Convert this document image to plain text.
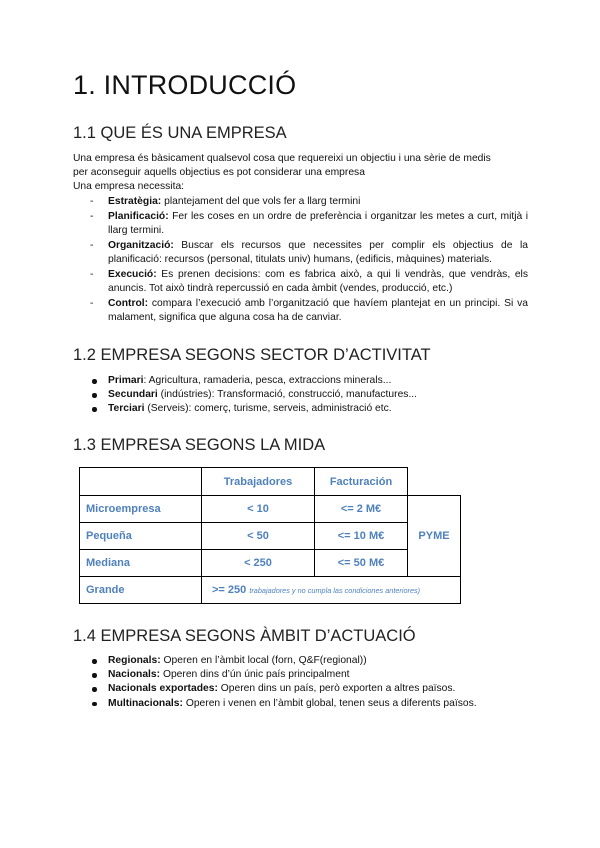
1. INTRODUCCIÓ
1.1 QUE ÉS UNA EMPRESA
Una empresa és bàsicament qualsevol cosa que requereixi un objectiu i una sèrie de medis
per aconseguir aquells objectius es pot considerar una empresa
Una empresa necessita:
- Estratègia: plantejament del que vols fer a llarg termini
- Planificació: Fer les coses en un ordre de preferència i organitzar les metes a curt, mitjà i llarg termini.
- Organització: Buscar els recursos que necessites per complir els objectius de la planificació: recursos (personal, titulats univ) humans, (edificis, màquines) materials.
- Execució: Es prenen decisions: com es fabrica això, a qui li vendràs, que vendràs, els anuncis. Tot això tindrà repercussió en cada àmbit (vendes, producció, etc.)
- Control: compara l’execució amb l’organització que havíem plantejat en un principi. Si va malament, significa que alguna cosa ha de canviar.
1.2 EMPRESA SEGONS SECTOR D’ACTIVITAT
Primari: Agricultura, ramaderia, pesca, extraccions minerals...
Secundari (indústries): Transformació, construcció, manufactures...
Terciari (Serveis): comerç, turisme, serveis, administració etc.
1.3 EMPRESA SEGONS LA MIDA
	Trabajadores	Facturación	
Microempresa	< 10	<= 2 M€	PYME
Pequeña	< 50	<= 10 M€	
Mediana	< 250	<= 50 M€	
Grande	>= 250 trabajadores y no cumpla las condiciones anteriores)		
1.4 EMPRESA SEGONS ÀMBIT D’ACTUACIÓ
Regionals: Operen en l’àmbit local (forn, Q&F(regional))
Nacionals: Operen dins d’ún únic país principalment
Nacionals exportades: Operen dins un país, però exporten a altres països.
Multinacionals: Operen i venen en l’àmbit global, tenen seus a diferents països.
